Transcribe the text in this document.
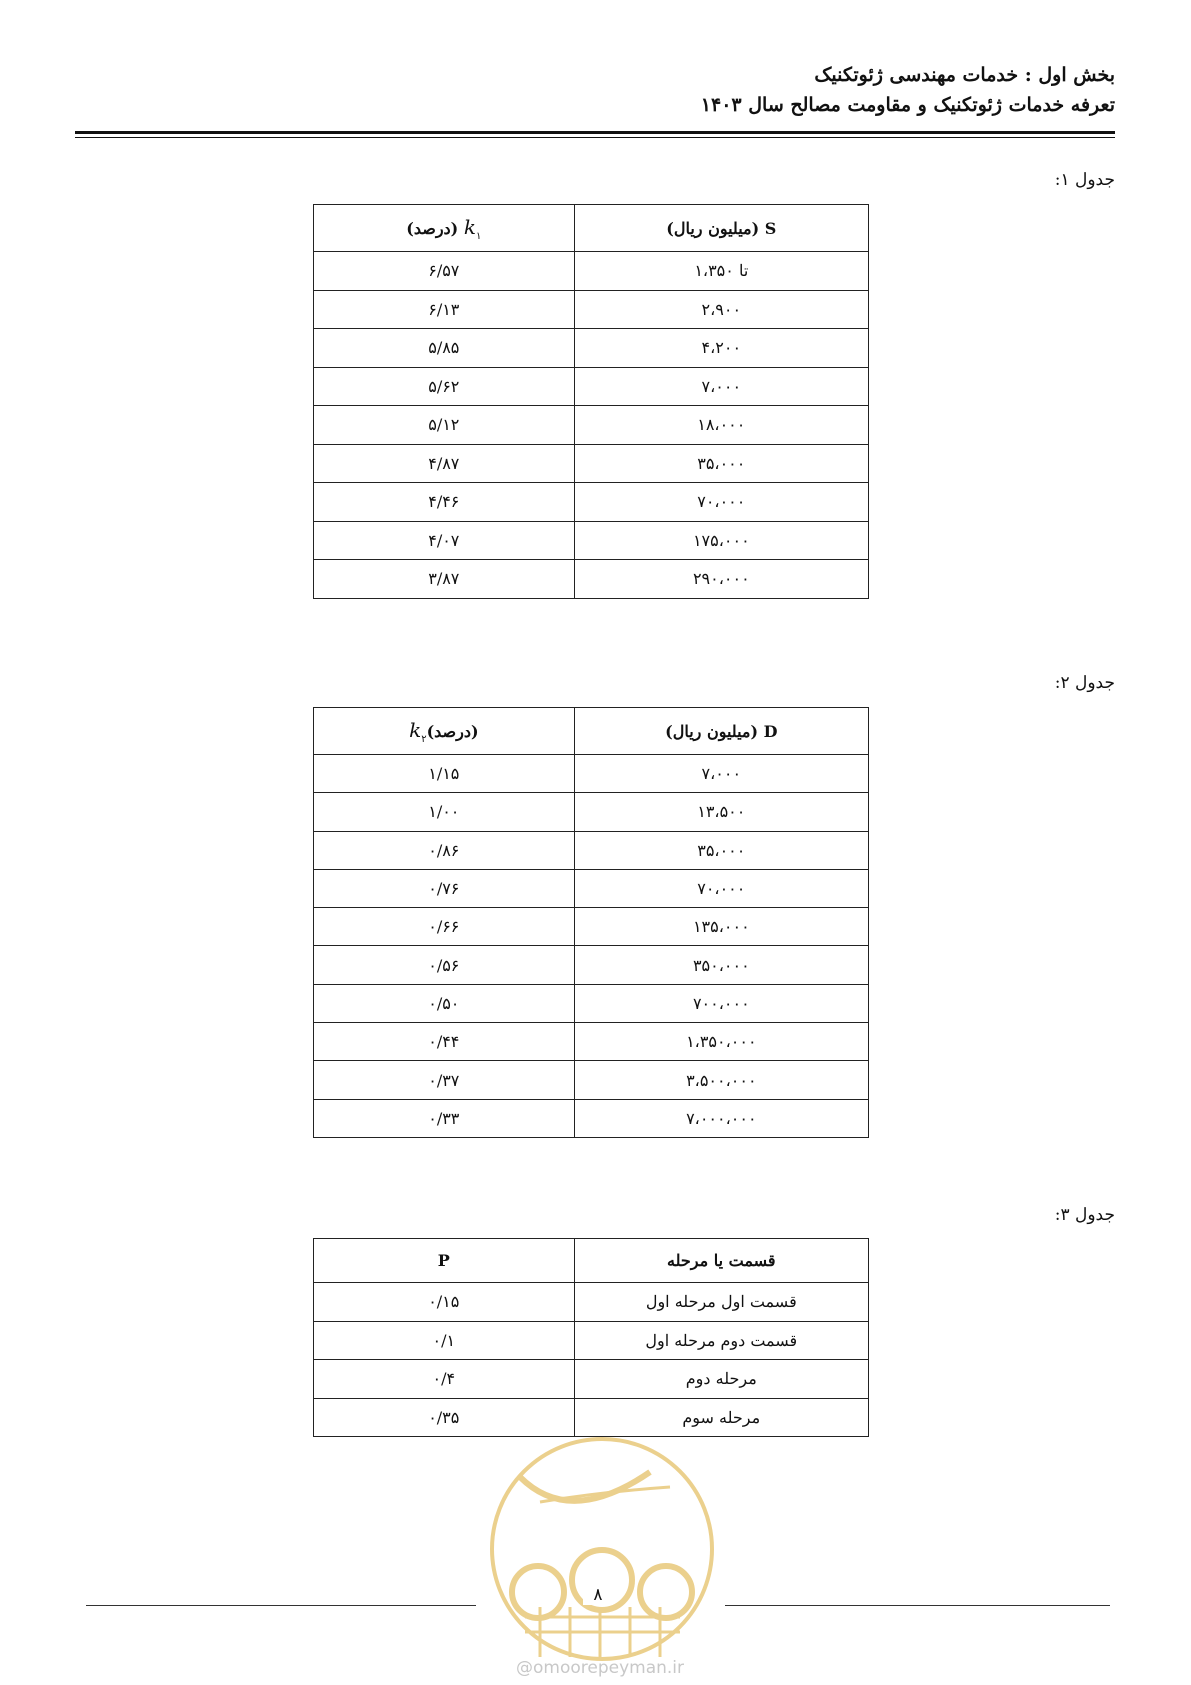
بخش اول : خدمات مهندسی ژئوتکنیک
تعرفه خدمات ژئوتکنیک و مقاومت مصالح سال ۱۴۰۳
جدول ۱:
S (میلیون ریال)	$k_۱$ (درصد)
تا ۱،۳۵۰	۶/۵۷
۲،۹۰۰	۶/۱۳
۴،۲۰۰	۵/۸۵
۷،۰۰۰	۵/۶۲
۱۸،۰۰۰	۵/۱۲
۳۵،۰۰۰	۴/۸۷
۷۰،۰۰۰	۴/۴۶
۱۷۵،۰۰۰	۴/۰۷
۲۹۰،۰۰۰	۳/۸۷
جدول ۲:
D (میلیون ریال)	$(درصد)k_۲$
۷،۰۰۰	۱/۱۵
۱۳،۵۰۰	۱/۰۰
۳۵،۰۰۰	۰/۸۶
۷۰،۰۰۰	۰/۷۶
۱۳۵،۰۰۰	۰/۶۶
۳۵۰،۰۰۰	۰/۵۶
۷۰۰،۰۰۰	۰/۵۰
۱،۳۵۰،۰۰۰	۰/۴۴
۳،۵۰۰،۰۰۰	۰/۳۷
۷،۰۰۰،۰۰۰	۰/۳۳
جدول ۳:
قسمت یا مرحله	P
قسمت اول مرحله اول	۰/۱۵
قسمت دوم مرحله اول	۰/۱
مرحله دوم	۰/۴
مرحله سوم	۰/۳۵
۸
@omoorepeyman.ir
